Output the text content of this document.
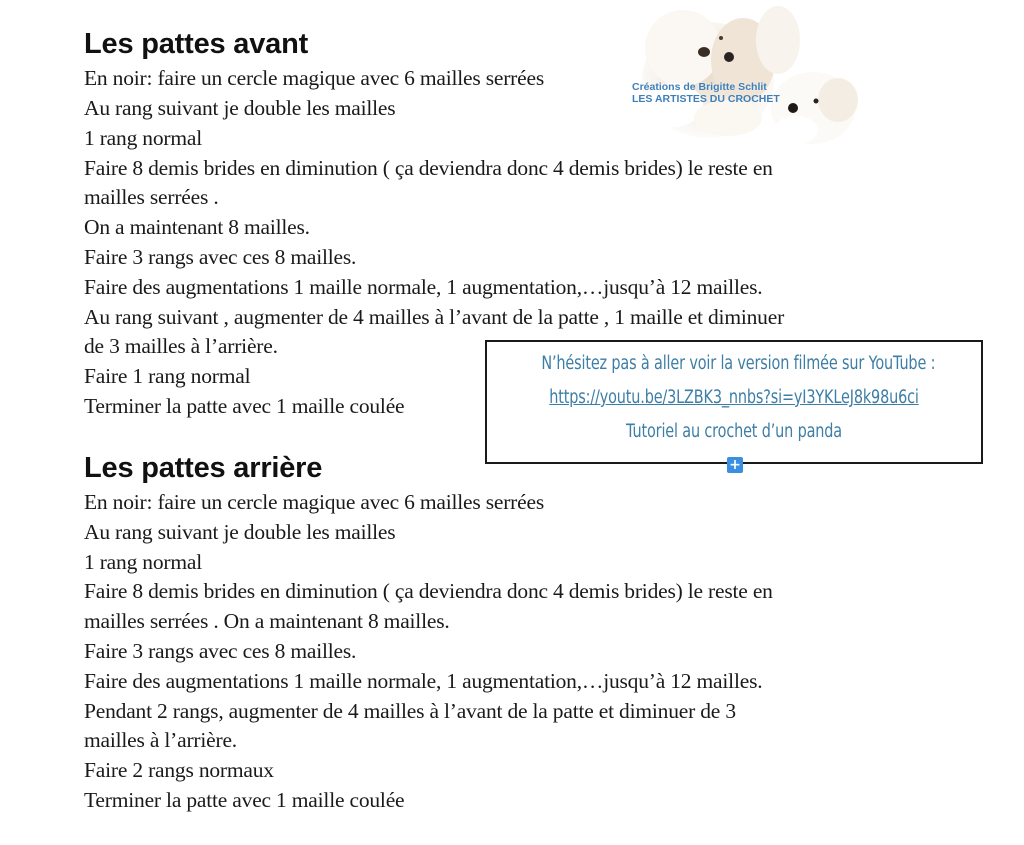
Les pattes avant
En noir: faire un cercle magique avec 6 mailles serrées
Au rang suivant je double les mailles
1 rang normal
Faire 8 demis brides en diminution ( ça deviendra donc 4 demis brides) le reste en
mailles serrées .
On a maintenant 8 mailles.
Faire 3 rangs avec ces 8 mailles.
Faire des augmentations 1 maille normale, 1 augmentation,…jusqu’à 12 mailles.
Au rang suivant , augmenter de 4 mailles à l’avant de la patte , 1 maille et diminuer
de 3 mailles à l’arrière.
Faire 1 rang normal
Terminer la patte avec 1 maille coulée
Les pattes arrière
En noir: faire un cercle magique avec 6 mailles serrées
Au rang suivant je double les mailles
1 rang normal
Faire 8 demis brides en diminution ( ça deviendra donc 4 demis brides) le reste en
mailles serrées . On a maintenant 8 mailles.
Faire 3 rangs avec ces 8 mailles.
Faire des augmentations 1 maille normale, 1 augmentation,…jusqu’à 12 mailles.
Pendant 2 rangs, augmenter de 4 mailles à l’avant de la patte et diminuer de 3
mailles à l’arrière.
Faire 2 rangs normaux
Terminer la patte avec 1 maille coulée
Créations de Brigitte Schlit
LES ARTISTES DU CROCHET
N’hésitez pas à aller voir la version filmée sur YouTube :
https://youtu.be/3LZBK3_nnbs?si=yI3YKLeJ8k98u6ci
Tutoriel au crochet d’un panda
+
